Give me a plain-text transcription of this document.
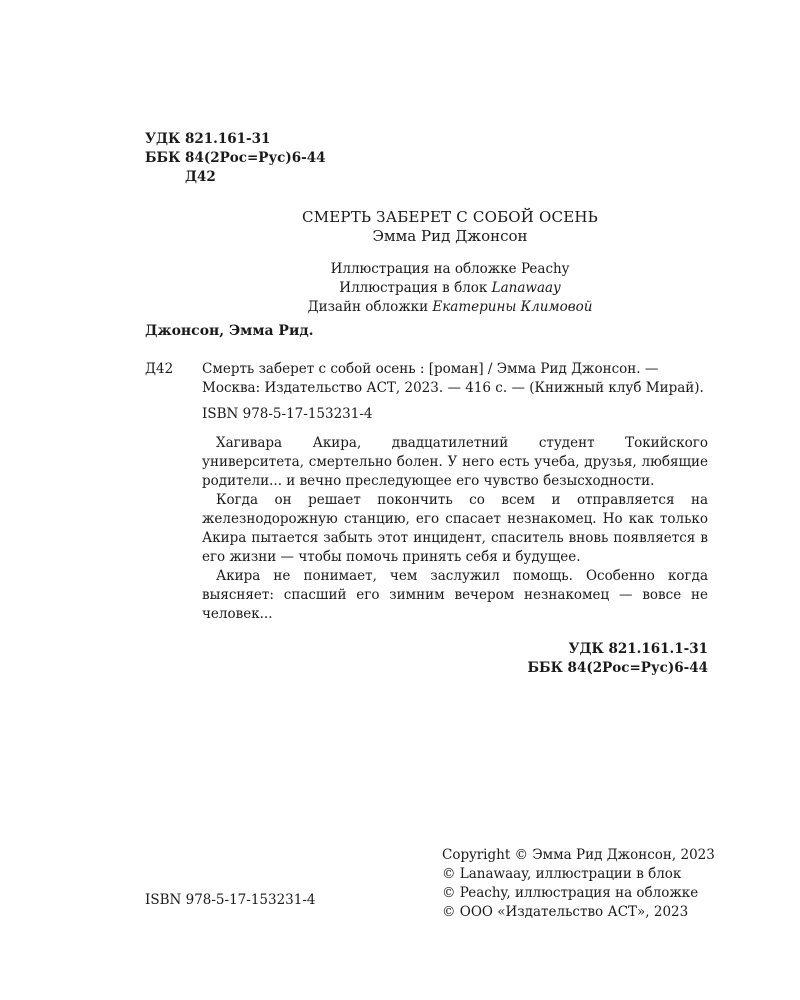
УДК 821.161-31
ББК 84(2Рос=Рус)6-44
Д42
СМЕРТЬ ЗАБЕРЕТ С СОБОЙ ОСЕНЬ
Эмма Рид Джонсон
Иллюстрация на обложке Peachy
Иллюстрация в блок Lanawaay
Дизайн обложки Екатерины Климовой
Джонсон, Эмма Рид.
Д42 Смерть заберет с собой осень : [роман] / Эмма Рид Джонсон. —
Москва: Издательство АСТ, 2023. — 416 с. — (Книжный клуб Мирай).
ISBN 978-5-17-153231-4

Хагивара Акира, двадцатилетний студент Токийского университета, смертельно болен. У него есть учеба, друзья, любящие родители... и вечно преследующее его чувство безысходности.

Когда он решает покончить со всем и отправляется на железнодорожную станцию, его спасает незнакомец. Но как только Акира пытается забыть этот инцидент, спаситель вновь появляется в его жизни — чтобы помочь принять себя и будущее.

Акира не понимает, чем заслужил помощь. Особенно когда выясняет: спасший его зимним вечером незнакомец — вовсе не человек...

УДК 821.161.1-31
ББК 84(2Рос=Рус)6-44
ISBN 978-5-17-153231-4
Copyright © Эмма Рид Джонсон, 2023
© Lanawaay, иллюстрации в блок
© Peachy, иллюстрация на обложке
© ООО «Издательство АСТ», 2023
